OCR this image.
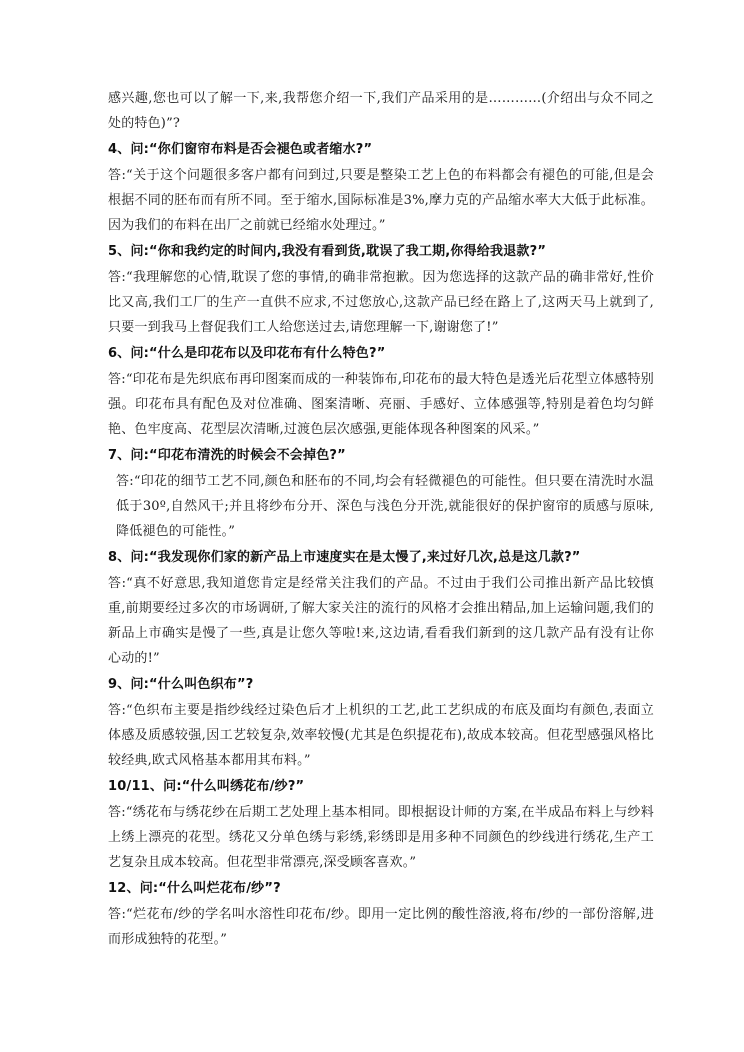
感兴趣,您也可以了解一下,来,我帮您介绍一下,我们产品采用的是…………(介绍出与众不同之处的特色)”?

4、问:“你们窗帘布料是否会褪色或者缩水?”

答:“关于这个问题很多客户都有问到过,只要是整染工艺上色的布料都会有褪色的可能,但是会根据不同的胚布而有所不同。至于缩水,国际标准是3%,摩力克的产品缩水率大大低于此标准。因为我们的布料在出厂之前就已经缩水处理过。”

5、问:“你和我约定的时间内,我没有看到货,耽误了我工期,你得给我退款?”

答:“我理解您的心情,耽误了您的事情,的确非常抱歉。因为您选择的这款产品的确非常好,性价比又高,我们工厂的生产一直供不应求,不过您放心,这款产品已经在路上了,这两天马上就到了,只要一到我马上督促我们工人给您送过去,请您理解一下,谢谢您了!”

6、问:“什么是印花布以及印花布有什么特色?”

答:“印花布是先织底布再印图案而成的一种装饰布,印花布的最大特色是透光后花型立体感特别强。印花布具有配色及对位准确、图案清晰、亮丽、手感好、立体感强等,特别是着色均匀鲜艳、色牢度高、花型层次清晰,过渡色层次感强,更能体现各种图案的风采。”

7、问:“印花布清洗的时候会不会掉色?”

答:“印花的细节工艺不同,颜色和胚布的不同,均会有轻微褪色的可能性。但只要在清洗时水温低于30º,自然风干;并且将纱布分开、深色与浅色分开洗,就能很好的保护窗帘的质感与原味,降低褪色的可能性。”

8、问:“我发现你们家的新产品上市速度实在是太慢了,来过好几次,总是这几款?”

答:“真不好意思,我知道您肯定是经常关注我们的产品。不过由于我们公司推出新产品比较慎重,前期要经过多次的市场调研,了解大家关注的流行的风格才会推出精品,加上运输问题,我们的新品上市确实是慢了一些,真是让您久等啦!来,这边请,看看我们新到的这几款产品有没有让你心动的!”

9、问:“什么叫色织布”?

答:“色织布主要是指纱线经过染色后才上机织的工艺,此工艺织成的布底及面均有颜色,表面立体感及质感较强,因工艺较复杂,效率较慢(尤其是色织提花布),故成本较高。但花型感强风格比较经典,欧式风格基本都用其布料。”

10/11、问:“什么叫绣花布/纱?”

答:“绣花布与绣花纱在后期工艺处理上基本相同。即根据设计师的方案,在半成品布料上与纱料上绣上漂亮的花型。绣花又分单色绣与彩绣,彩绣即是用多种不同颜色的纱线进行绣花,生产工艺复杂且成本较高。但花型非常漂亮,深受顾客喜欢。”

12、问:“什么叫烂花布/纱”?

答:“烂花布/纱的学名叫水溶性印花布/纱。即用一定比例的酸性溶液,将布/纱的一部份溶解,进而形成独特的花型。”
